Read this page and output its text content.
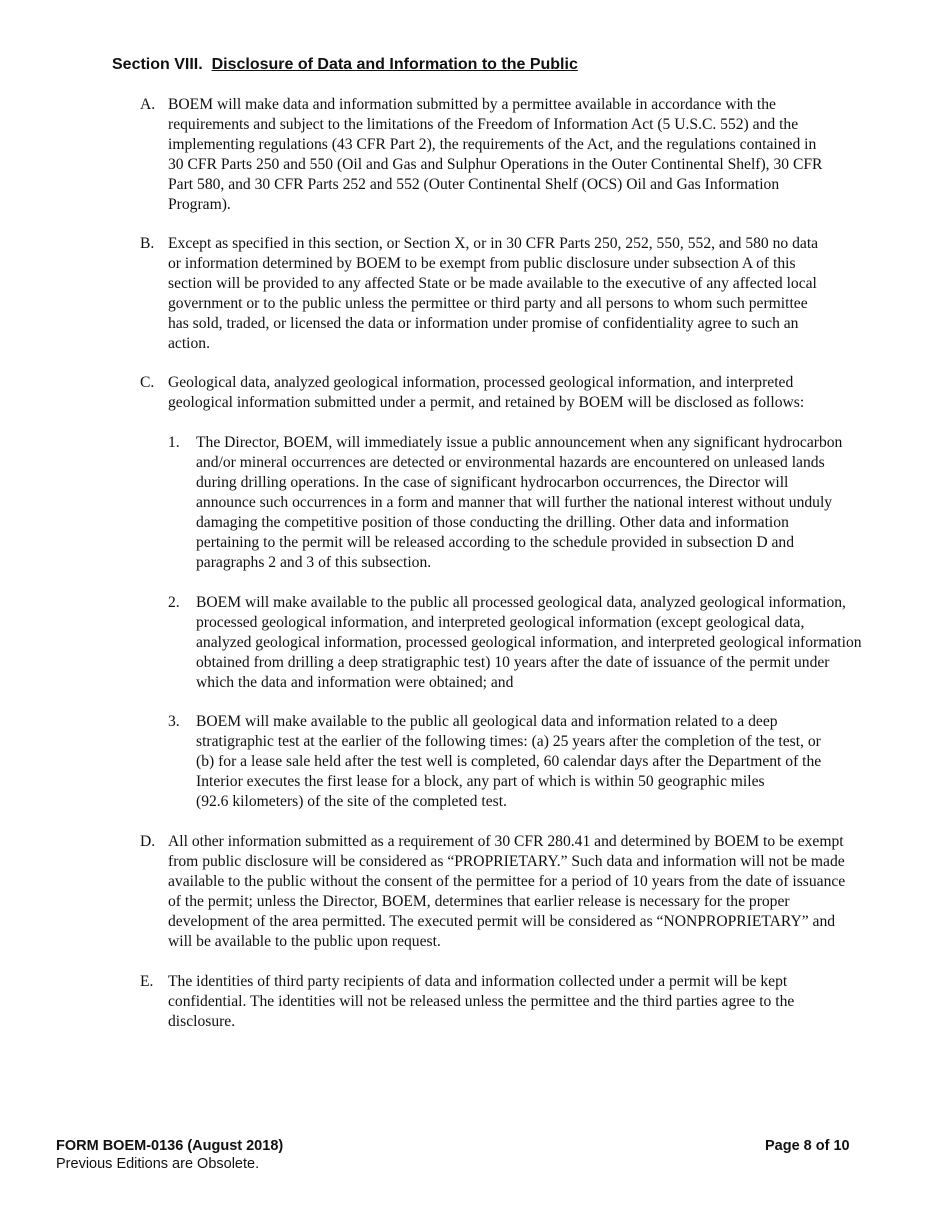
Section VIII. Disclosure of Data and Information to the Public
A. BOEM will make data and information submitted by a permittee available in accordance with the
requirements and subject to the limitations of the Freedom of Information Act (5 U.S.C. 552) and the
implementing regulations (43 CFR Part 2), the requirements of the Act, and the regulations contained in
30 CFR Parts 250 and 550 (Oil and Gas and Sulphur Operations in the Outer Continental Shelf), 30 CFR
Part 580, and 30 CFR Parts 252 and 552 (Outer Continental Shelf (OCS) Oil and Gas Information
Program).
B. Except as specified in this section, or Section X, or in 30 CFR Parts 250, 252, 550, 552, and 580 no data
or information determined by BOEM to be exempt from public disclosure under subsection A of this
section will be provided to any affected State or be made available to the executive of any affected local
government or to the public unless the permittee or third party and all persons to whom such permittee
has sold, traded, or licensed the data or information under promise of confidentiality agree to such an
action.
C. Geological data, analyzed geological information, processed geological information, and interpreted
geological information submitted under a permit, and retained by BOEM will be disclosed as follows:
1. The Director, BOEM, will immediately issue a public announcement when any significant hydrocarbon
and/or mineral occurrences are detected or environmental hazards are encountered on unleased lands
during drilling operations. In the case of significant hydrocarbon occurrences, the Director will
announce such occurrences in a form and manner that will further the national interest without unduly
damaging the competitive position of those conducting the drilling. Other data and information
pertaining to the permit will be released according to the schedule provided in subsection D and
paragraphs 2 and 3 of this subsection.
2. BOEM will make available to the public all processed geological data, analyzed geological information,
processed geological information, and interpreted geological information (except geological data,
analyzed geological information, processed geological information, and interpreted geological information
obtained from drilling a deep stratigraphic test) 10 years after the date of issuance of the permit under
which the data and information were obtained; and
3. BOEM will make available to the public all geological data and information related to a deep
stratigraphic test at the earlier of the following times: (a) 25 years after the completion of the test, or
(b) for a lease sale held after the test well is completed, 60 calendar days after the Department of the
Interior executes the first lease for a block, any part of which is within 50 geographic miles
(92.6 kilometers) of the site of the completed test.
D. All other information submitted as a requirement of 30 CFR 280.41 and determined by BOEM to be exempt
from public disclosure will be considered as “PROPRIETARY.” Such data and information will not be made
available to the public without the consent of the permittee for a period of 10 years from the date of issuance
of the permit; unless the Director, BOEM, determines that earlier release is necessary for the proper
development of the area permitted. The executed permit will be considered as “NONPROPRIETARY” and
will be available to the public upon request.
E. The identities of third party recipients of data and information collected under a permit will be kept
confidential. The identities will not be released unless the permittee and the third parties agree to the
disclosure.
FORM BOEM-0136 (August 2018)
Previous Editions are Obsolete.
Page 8 of 10
